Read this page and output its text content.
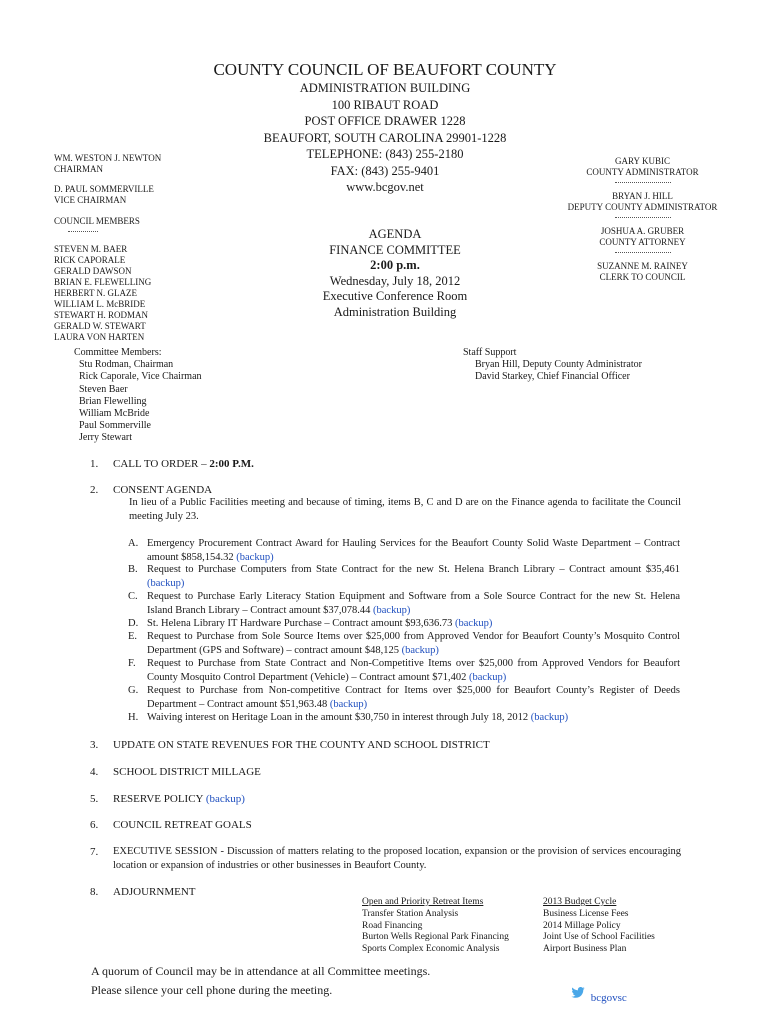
COUNTY COUNCIL OF BEAUFORT COUNTY
ADMINISTRATION BUILDING
100 RIBAUT ROAD
POST OFFICE DRAWER 1228
BEAUFORT, SOUTH CAROLINA 29901-1228
TELEPHONE: (843) 255-2180
FAX: (843) 255-9401
www.bcgov.net
WM. WESTON J. NEWTON
CHAIRMAN
D. PAUL SOMMERVILLE
VICE CHAIRMAN
COUNCIL MEMBERS
STEVEN M. BAER
RICK CAPORALE
GERALD DAWSON
BRIAN E. FLEWELLING
HERBERT N. GLAZE
WILLIAM L. McBRIDE
STEWART H. RODMAN
GERALD W. STEWART
LAURA VON HARTEN
GARY KUBIC
COUNTY ADMINISTRATOR
BRYAN J. HILL
DEPUTY COUNTY ADMINISTRATOR
JOSHUA A. GRUBER
COUNTY ATTORNEY
SUZANNE M. RAINEY
CLERK TO COUNCIL
AGENDA
FINANCE COMMITTEE
2:00 p.m.
Wednesday, July 18, 2012
Executive Conference Room
Administration Building
Committee Members:
Stu Rodman, Chairman
Rick Caporale, Vice Chairman
Steven Baer
Brian Flewelling
William McBride
Paul Sommerville
Jerry Stewart
Staff Support
Bryan Hill, Deputy County Administrator
David Starkey, Chief Financial Officer
1. CALL TO ORDER – 2:00 P.M.
2. CONSENT AGENDA
In lieu of a Public Facilities meeting and because of timing, items B, C and D are on the Finance agenda to facilitate the Council meeting July 23.
A. Emergency Procurement Contract Award for Hauling Services for the Beaufort County Solid Waste Department – Contract amount $858,154.32 (backup)
B. Request to Purchase Computers from State Contract for the new St. Helena Branch Library – Contract amount $35,461 (backup)
C. Request to Purchase Early Literacy Station Equipment and Software from a Sole Source Contract for the new St. Helena Island Branch Library – Contract amount $37,078.44 (backup)
D. St. Helena Library IT Hardware Purchase – Contract amount $93,636.73 (backup)
E. Request to Purchase from Sole Source Items over $25,000 from Approved Vendor for Beaufort County’s Mosquito Control Department (GPS and Software) – contract amount $48,125 (backup)
F. Request to Purchase from State Contract and Non-Competitive Items over $25,000 from Approved Vendors for Beaufort County Mosquito Control Department (Vehicle) – Contract amount $71,402 (backup)
G. Request to Purchase from Non-competitive Contract for Items over $25,000 for Beaufort County’s Register of Deeds Department – Contract amount $51,963.48 (backup)
H. Waiving interest on Heritage Loan in the amount $30,750 in interest through July 18, 2012 (backup)
3. UPDATE ON STATE REVENUES FOR THE COUNTY AND SCHOOL DISTRICT
4. SCHOOL DISTRICT MILLAGE
5. RESERVE POLICY (backup)
6. COUNCIL RETREAT GOALS
7. EXECUTIVE SESSION - Discussion of matters relating to the proposed location, expansion or the provision of services encouraging location or expansion of industries or other businesses in Beaufort County.
8. ADJOURNMENT
Open and Priority Retreat Items
Transfer Station Analysis
Road Financing
Burton Wells Regional Park Financing
Sports Complex Economic Analysis
2013 Budget Cycle
Business License Fees
2014 Millage Policy
Joint Use of School Facilities
Airport Business Plan
A quorum of Council may be in attendance at all Committee meetings.
Please silence your cell phone during the meeting.
bcgovsc
